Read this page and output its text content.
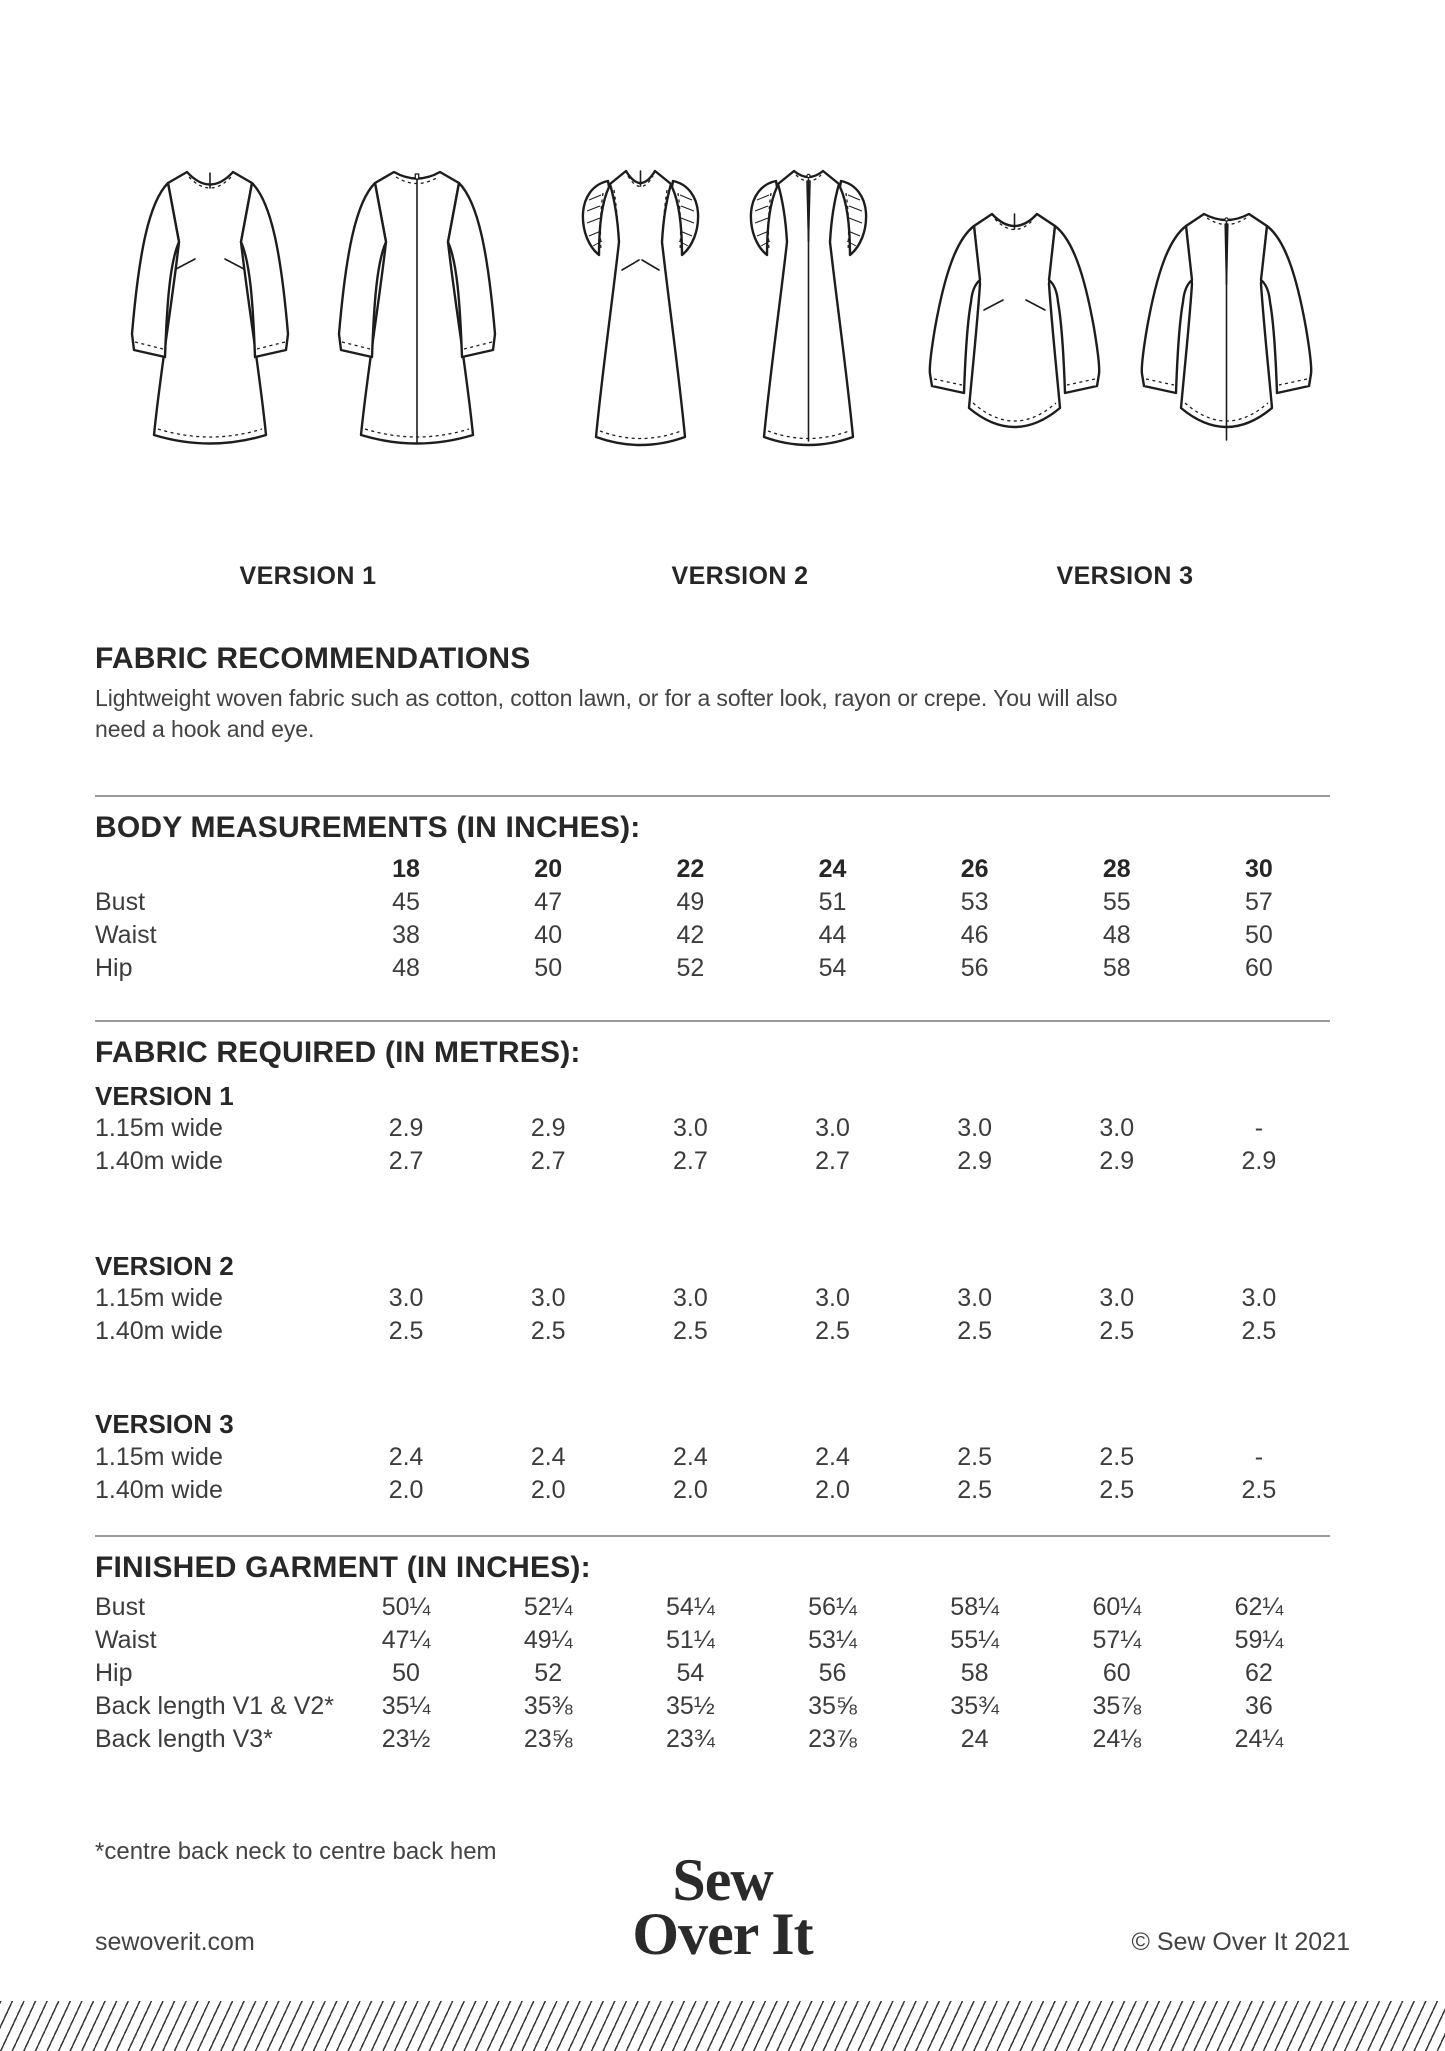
VERSION 1	VERSION 2	VERSION 3
FABRIC RECOMMENDATIONS
Lightweight woven fabric such as cotton, cotton lawn, or for a softer look, rayon or crepe. You will also need a hook and eye.
BODY MEASUREMENTS (IN INCHES):
18	20	22	24	26	28	30
Bust	45	47	49	51	53	55	57
Waist	38	40	42	44	46	48	50
Hip	48	50	52	54	56	58	60
FABRIC REQUIRED (IN METRES):
VERSION 1
1.15m wide	2.9	2.9	3.0	3.0	3.0	3.0	-
1.40m wide	2.7	2.7	2.7	2.7	2.9	2.9	2.9
VERSION 2
1.15m wide	3.0	3.0	3.0	3.0	3.0	3.0	3.0
1.40m wide	2.5	2.5	2.5	2.5	2.5	2.5	2.5
VERSION 3
1.15m wide	2.4	2.4	2.4	2.4	2.5	2.5	-
1.40m wide	2.0	2.0	2.0	2.0	2.5	2.5	2.5
FINISHED GARMENT (IN INCHES):
Bust	50¼	52¼	54¼	56¼	58¼	60¼	62¼
Waist	47¼	49¼	51¼	53¼	55¼	57¼	59¼
Hip	50	52	54	56	58	60	62
Back length V1 & V2*	35¼	35⅜	35½	35⅝	35¾	35⅞	36
Back length V3*	23½	23⅝	23¾	23⅞	24	24⅛	24¼
*centre back neck to centre back hem
sewoverit.com
Sew
Over It	© Sew Over It 2021
